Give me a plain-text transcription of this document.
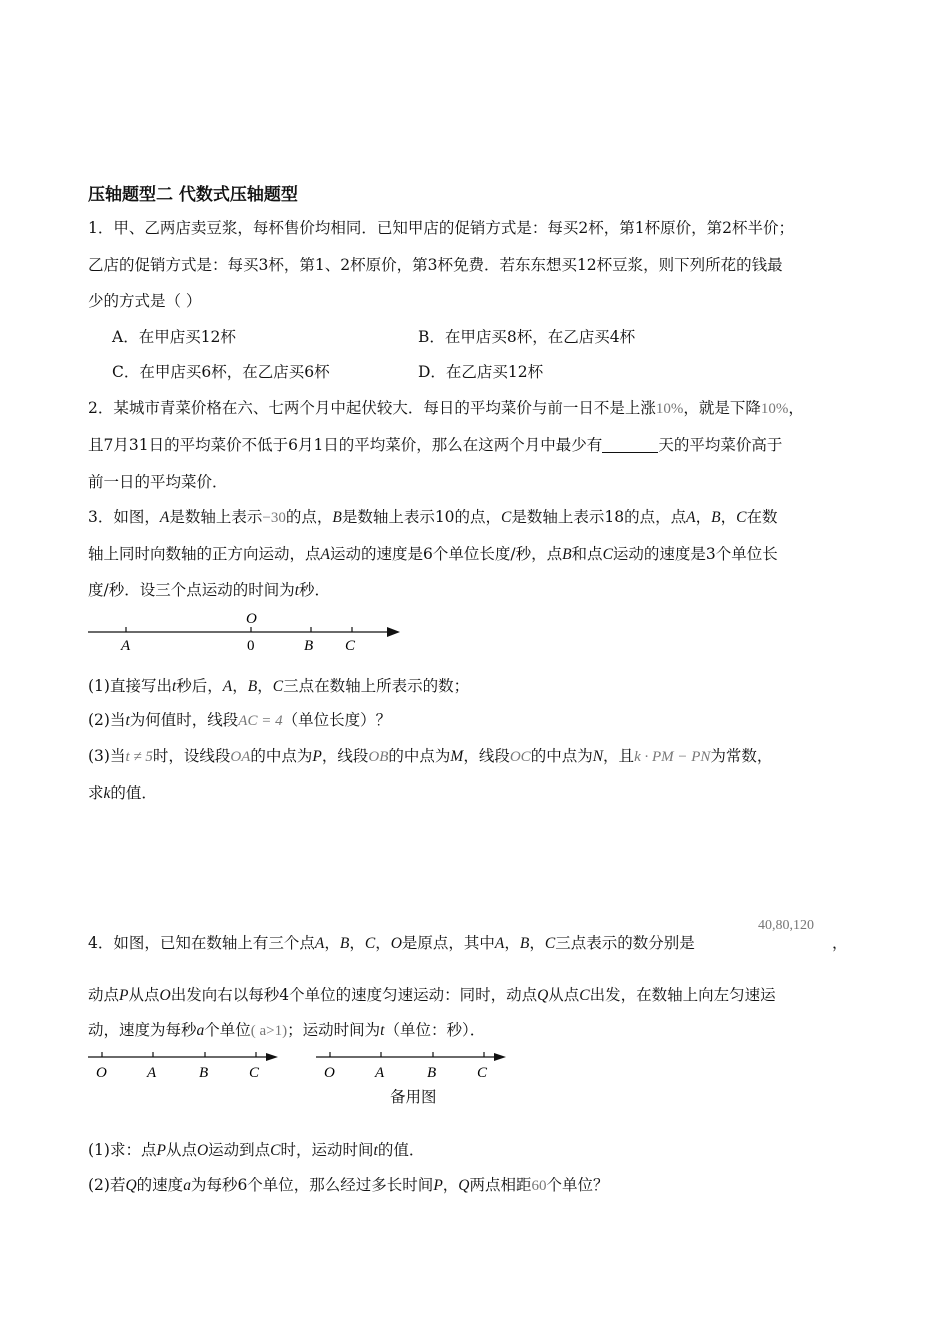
压轴题型二 代数式压轴题型
1．甲、乙两店卖豆浆，每杯售价均相同．已知甲店的促销方式是：每买2杯，第1杯原价，第2杯半价；
乙店的促销方式是：每买3杯，第1、2杯原价，第3杯免费．若东东想买12杯豆浆，则下列所花的钱最
少的方式是（ ）
A．在甲店买12杯	B．在甲店买8杯，在乙店买4杯
C．在甲店买6杯，在乙店买6杯	D．在乙店买12杯
2．某城市青菜价格在六、七两个月中起伏较大．每日的平均菜价与前一日不是上涨10%，就是下降10%，
且7月31日的平均菜价不低于6月1日的平均菜价，那么在这两个月中最少有	天的平均菜价高于
前一日的平均菜价．
3．如图，A是数轴上表示−30的点，B是数轴上表示10的点，C是数轴上表示18的点，点A，B，C在数
轴上同时向数轴的正方向运动，点A运动的速度是6个单位长度/秒，点B和点C运动的速度是3个单位长
度/秒．设三个点运动的时间为t秒．
O
0
A	B C
(1)直接写出t秒后，A，B，C三点在数轴上所表示的数；
(2)当t为何值时，线段AC = 4（单位长度）？
(3)当t ≠ 5时，设线段OA的中点为P，线段OB的中点为M，线段OC的中点为N，且k · PM − PN为常数，
求k的值．
40,80,120
4．如图，已知在数轴上有三个点A，B，C，O是原点，其中A，B，C三点表示的数分别是	，
动点P从点O出发向右以每秒4个单位的速度匀速运动：同时，动点Q从点C出发，在数轴上向左匀速运
动，速度为每秒a个单位( a>1)；运动时间为t（单位：秒）．
O	A	B	C	O	A	B	C
备用图
(1)求：点P从点O运动到点C时，运动时间t的值．
(2)若Q的速度a为每秒6个单位，那么经过多长时间P，Q两点相距60个单位？
